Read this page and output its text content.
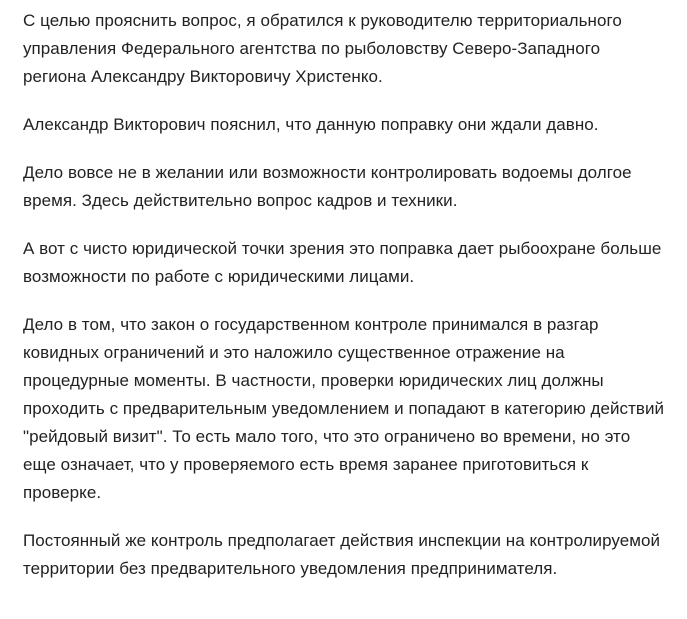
С целью прояснить вопрос, я обратился к руководителю территориального управления Федерального агентства по рыболовству Северо-Западного региона Александру Викторовичу Христенко.

Александр Викторович пояснил, что данную поправку они ждали давно.

Дело вовсе не в желании или возможности контролировать водоемы долгое время. Здесь действительно вопрос кадров и техники.

А вот с чисто юридической точки зрения это поправка дает рыбоохране больше возможности по работе с юридическими лицами.

Дело в том, что закон о государственном контроле принимался в разгар ковидных ограничений и это наложило существенное отражение на процедурные моменты. В частности, проверки юридических лиц должны проходить с предварительным уведомлением и попадают в категорию действий "рейдовый визит". То есть мало того, что это ограничено во времени, но это еще означает, что у проверяемого есть время заранее приготовиться к проверке.

Постоянный же контроль предполагает действия инспекции на контролируемой территории без предварительного уведомления предпринимателя.
